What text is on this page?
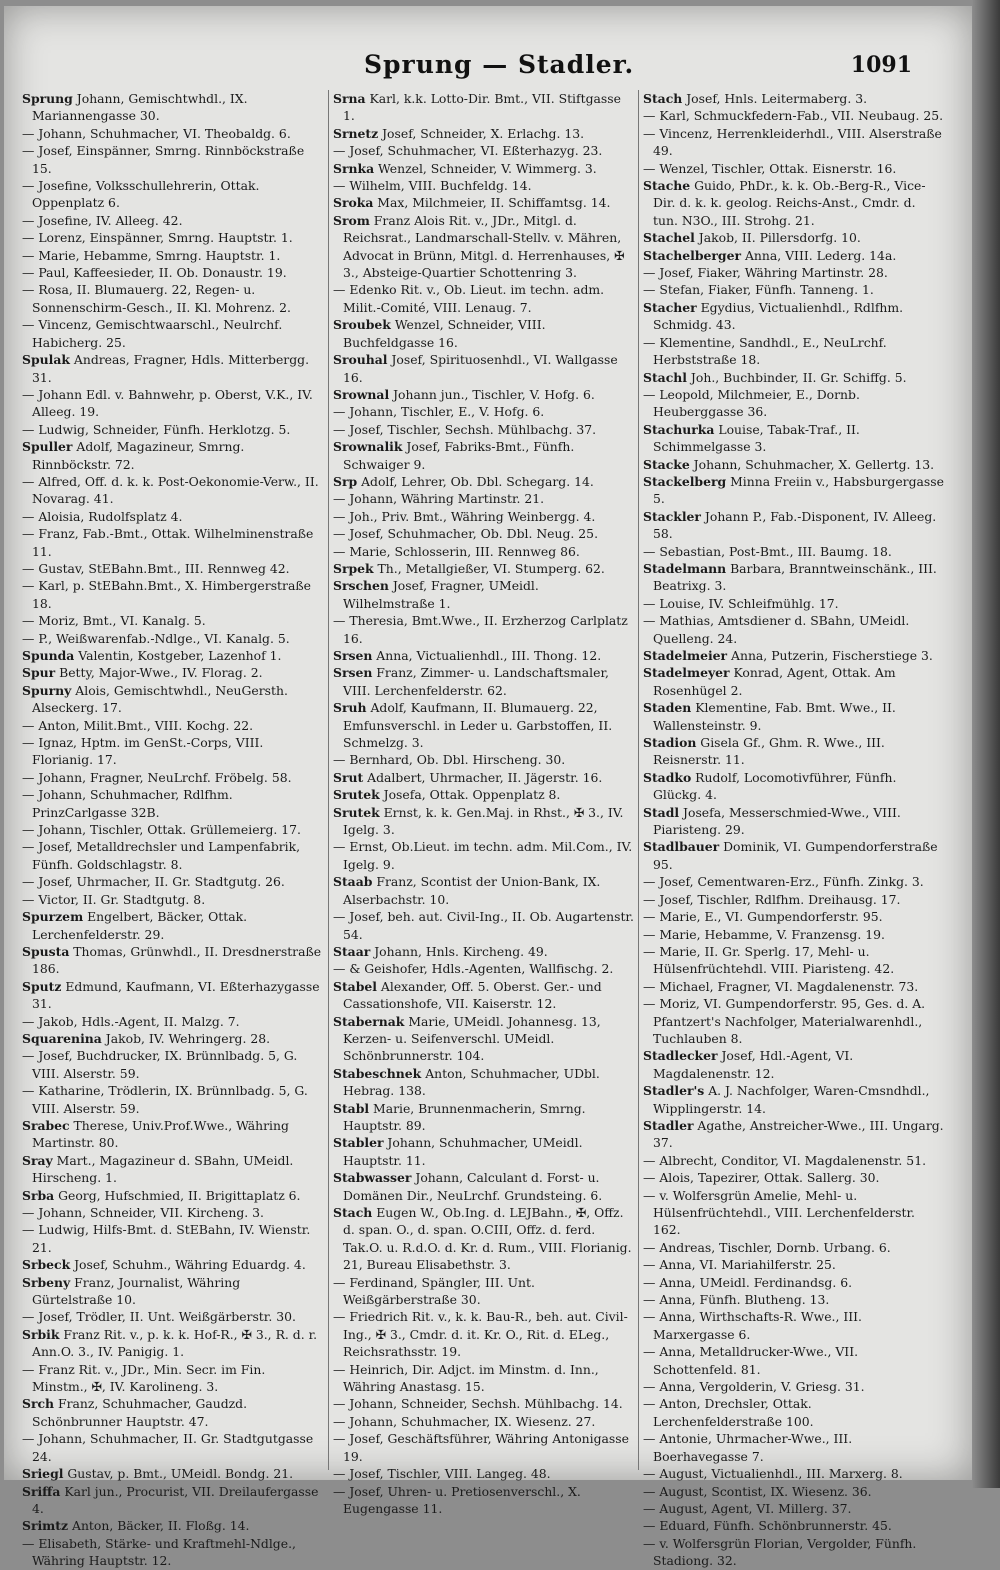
Sprung — Stadler.	1091

Sprung Johann, Gemischtwhdl., IX. Mariannengasse 30.

— Johann, Schuhmacher, VI. Theobaldg. 6.

— Josef, Einspänner, Smrng. Rinnböckstraße 15.

— Josefine, Volksschullehrerin, Ottak. Oppenplatz 6.

— Josefine, IV. Alleeg. 42.

— Lorenz, Einspänner, Smrng. Hauptstr. 1.

— Marie, Hebamme, Smrng. Hauptstr. 1.

— Paul, Kaffeesieder, II. Ob. Donaustr. 19.

— Rosa, II. Blumauerg. 22, Regen- u. Sonnenschirm-Gesch., II. Kl. Mohrenz. 2.

— Vincenz, Gemischtwaarschl., Neulrchf. Habicherg. 25.

Spulak Andreas, Fragner, Hdls. Mitterbergg. 31.

— Johann Edl. v. Bahnwehr, p. Oberst, V.K., IV. Alleeg. 19.

— Ludwig, Schneider, Fünfh. Herklotzg. 5.

Spuller Adolf, Magazineur, Smrng. Rinnböckstr. 72.

— Alfred, Off. d. k. k. Post-Oekonomie-Verw., II. Novarag. 41.

— Aloisia, Rudolfsplatz 4.

— Franz, Fab.-Bmt., Ottak. Wilhelminenstraße 11.

— Gustav, StEBahn.Bmt., III. Rennweg 42.

— Karl, p. StEBahn.Bmt., X. Himbergerstraße 18.

— Moriz, Bmt., VI. Kanalg. 5.

— P., Weißwarenfab.-Ndlge., VI. Kanalg. 5.

Spunda Valentin, Kostgeber, Lazenhof 1.

Spur Betty, Major-Wwe., IV. Florag. 2.

Spurny Alois, Gemischtwhdl., NeuGersth. Alseckerg. 17.

— Anton, Milit.Bmt., VIII. Kochg. 22.

— Ignaz, Hptm. im GenSt.-Corps, VIII. Florianig. 17.

— Johann, Fragner, NeuLrchf. Fröbelg. 58.

— Johann, Schuhmacher, Rdlfhm. PrinzCarlgasse 32B.

— Johann, Tischler, Ottak. Grüllemeierg. 17.

— Josef, Metalldrechsler und Lampenfabrik, Fünfh. Goldschlagstr. 8.

— Josef, Uhrmacher, II. Gr. Stadtgutg. 26.

— Victor, II. Gr. Stadtgutg. 8.

Spurzem Engelbert, Bäcker, Ottak. Lerchenfelderstr. 29.

Spusta Thomas, Grünwhdl., II. Dresdnerstraße 186.

Sputz Edmund, Kaufmann, VI. Eßterhazygasse 31.

— Jakob, Hdls.-Agent, II. Malzg. 7.

Squarenina Jakob, IV. Wehringerg. 28.

— Josef, Buchdrucker, IX. Brünnlbadg. 5, G. VIII. Alserstr. 59.

— Katharine, Trödlerin, IX. Brünnlbadg. 5, G. VIII. Alserstr. 59.

Srabec Therese, Univ.Prof.Wwe., Währing Martinstr. 80.

Sray Mart., Magazineur d. SBahn, UMeidl. Hirscheng. 1.

Srba Georg, Hufschmied, II. Brigittaplatz 6.

— Johann, Schneider, VII. Kircheng. 3.

— Ludwig, Hilfs-Bmt. d. StEBahn, IV. Wienstr. 21.

Srbeck Josef, Schuhm., Währing Eduardg. 4.

Srbeny Franz, Journalist, Währing Gürtelstraße 10.

— Josef, Trödler, II. Unt. Weißgärberstr. 30.

Srbik Franz Rit. v., p. k. k. Hof-R., ✠ 3., R. d. r. Ann.O. 3., IV. Panigig. 1.

— Franz Rit. v., JDr., Min. Secr. im Fin. Minstm., ✠, IV. Karolineng. 3.

Srch Franz, Schuhmacher, Gaudzd. Schönbrunner Hauptstr. 47.

— Johann, Schuhmacher, II. Gr. Stadtgutgasse 24.

Sriegl Gustav, p. Bmt., UMeidl. Bondg. 21.

Sriffa Karl jun., Procurist, VII. Dreilaufergasse 4.

Srimtz Anton, Bäcker, II. Floßg. 14.

— Elisabeth, Stärke- und Kraftmehl-Ndlge., Währing Hauptstr. 12.

Srna Karl, k.k. Lotto-Dir. Bmt., VII. Stiftgasse 1.

Srnetz Josef, Schneider, X. Erlachg. 13.

— Josef, Schuhmacher, VI. Eßterhazyg. 23.

Srnka Wenzel, Schneider, V. Wimmerg. 3.

— Wilhelm, VIII. Buchfeldg. 14.

Sroka Max, Milchmeier, II. Schiffamtsg. 14.

Srom Franz Alois Rit. v., JDr., Mitgl. d. Reichsrat., Landmarschall-Stellv. v. Mähren, Advocat in Brünn, Mitgl. d. Herrenhauses, ✠ 3., Absteige-Quartier Schottenring 3.

— Edenko Rit. v., Ob. Lieut. im techn. adm. Milit.-Comité, VIII. Lenaug. 7.

Sroubek Wenzel, Schneider, VIII. Buchfeldgasse 16.

Srouhal Josef, Spirituosenhdl., VI. Wallgasse 16.

Srownal Johann jun., Tischler, V. Hofg. 6.

— Johann, Tischler, E., V. Hofg. 6.

— Josef, Tischler, Sechsh. Mühlbachg. 37.

Srownalik Josef, Fabriks-Bmt., Fünfh. Schwaiger 9.

Srp Adolf, Lehrer, Ob. Dbl. Schegarg. 14.

— Johann, Währing Martinstr. 21.

— Joh., Priv. Bmt., Währing Weinbergg. 4.

— Josef, Schuhmacher, Ob. Dbl. Neug. 25.

— Marie, Schlosserin, III. Rennweg 86.

Srpek Th., Metallgießer, VI. Stumperg. 62.

Srschen Josef, Fragner, UMeidl. Wilhelmstraße 1.

— Theresia, Bmt.Wwe., II. Erzherzog Carlplatz 16.

Srsen Anna, Victualienhdl., III. Thong. 12.

Srsen Franz, Zimmer- u. Landschaftsmaler, VIII. Lerchenfelderstr. 62.

Sruh Adolf, Kaufmann, II. Blumauerg. 22, Emfunsverschl. in Leder u. Garbstoffen, II. Schmelzg. 3.

— Bernhard, Ob. Dbl. Hirscheng. 30.

Srut Adalbert, Uhrmacher, II. Jägerstr. 16.

Srutek Josefa, Ottak. Oppenplatz 8.

Srutek Ernst, k. k. Gen.Maj. in Rhst., ✠ 3., IV. Igelg. 3.

— Ernst, Ob.Lieut. im techn. adm. Mil.Com., IV. Igelg. 9.

Staab Franz, Scontist der Union-Bank, IX. Alserbachstr. 10.

— Josef, beh. aut. Civil-Ing., II. Ob. Augartenstr. 54.

Staar Johann, Hnls. Kircheng. 49.

— & Geishofer, Hdls.-Agenten, Wallfischg. 2.

Stabel Alexander, Off. 5. Oberst. Ger.- und Cassationshofe, VII. Kaiserstr. 12.

Stabernak Marie, UMeidl. Johannesg. 13, Kerzen- u. Seifenverschl. UMeidl. Schönbrunnerstr. 104.

Stabeschnek Anton, Schuhmacher, UDbl. Hebrag. 138.

Stabl Marie, Brunnenmacherin, Smrng. Hauptstr. 89.

Stabler Johann, Schuhmacher, UMeidl. Hauptstr. 11.

Stabwasser Johann, Calculant d. Forst- u. Domänen Dir., NeuLrchf. Grundsteing. 6.

Stach Eugen W., Ob.Ing. d. LEJBahn., ✠, Offz. d. span. O., d. span. O.CIII, Offz. d. ferd. Tak.O. u. R.d.O. d. Kr. d. Rum., VIII. Florianig. 21, Bureau Elisabethstr. 3.

— Ferdinand, Spängler, III. Unt. Weißgärberstraße 30.

— Friedrich Rit. v., k. k. Bau-R., beh. aut. Civil-Ing., ✠ 3., Cmdr. d. it. Kr. O., Rit. d. ELeg., Reichsrathsstr. 19.

— Heinrich, Dir. Adjct. im Minstm. d. Inn., Währing Anastasg. 15.

— Johann, Schneider, Sechsh. Mühlbachg. 14.

— Johann, Schuhmacher, IX. Wiesenz. 27.

— Josef, Geschäftsführer, Währing Antonigasse 19.

— Josef, Tischler, VIII. Langeg. 48.

— Josef, Uhren- u. Pretiosenverschl., X. Eugengasse 11.

Stach Josef, Hnls. Leitermaberg. 3.

— Karl, Schmuckfedern-Fab., VII. Neubaug. 25.

— Vincenz, Herrenkleiderhdl., VIII. Alserstraße 49.

— Wenzel, Tischler, Ottak. Eisnerstr. 16.

Stache Guido, PhDr., k. k. Ob.-Berg-R., Vice-Dir. d. k. k. geolog. Reichs-Anst., Cmdr. d. tun. N3O., III. Strohg. 21.

Stachel Jakob, II. Pillersdorfg. 10.

Stachelberger Anna, VIII. Lederg. 14a.

— Josef, Fiaker, Währing Martinstr. 28.

— Stefan, Fiaker, Fünfh. Tanneng. 1.

Stacher Egydius, Victualienhdl., Rdlfhm. Schmidg. 43.

— Klementine, Sandhdl., E., NeuLrchf. Herbststraße 18.

Stachl Joh., Buchbinder, II. Gr. Schiffg. 5.

— Leopold, Milchmeier, E., Dornb. Heuberggasse 36.

Stachurka Louise, Tabak-Traf., II. Schimmelgasse 3.

Stacke Johann, Schuhmacher, X. Gellertg. 13.

Stackelberg Minna Freiin v., Habsburgergasse 5.

Stackler Johann P., Fab.-Disponent, IV. Alleeg. 58.

— Sebastian, Post-Bmt., III. Baumg. 18.

Stadelmann Barbara, Branntweinschänk., III. Beatrixg. 3.

— Louise, IV. Schleifmühlg. 17.

— Mathias, Amtsdiener d. SBahn, UMeidl. Quelleng. 24.

Stadelmeier Anna, Putzerin, Fischerstiege 3.

Stadelmeyer Konrad, Agent, Ottak. Am Rosenhügel 2.

Staden Klementine, Fab. Bmt. Wwe., II. Wallensteinstr. 9.

Stadion Gisela Gf., Ghm. R. Wwe., III. Reisnerstr. 11.

Stadko Rudolf, Locomotivführer, Fünfh. Glückg. 4.

Stadl Josefa, Messerschmied-Wwe., VIII. Piaristeng. 29.

Stadlbauer Dominik, VI. Gumpendorferstraße 95.

— Josef, Cementwaren-Erz., Fünfh. Zinkg. 3.

— Josef, Tischler, Rdlfhm. Dreihausg. 17.

— Marie, E., VI. Gumpendorferstr. 95.

— Marie, Hebamme, V. Franzensg. 19.

— Marie, II. Gr. Sperlg. 17, Mehl- u. Hülsenfrüchtehdl. VIII. Piaristeng. 42.

— Michael, Fragner, VI. Magdalenenstr. 73.

— Moriz, VI. Gumpendorferstr. 95, Ges. d. A. Pfantzert's Nachfolger, Materialwarenhdl., Tuchlauben 8.

Stadlecker Josef, Hdl.-Agent, VI. Magdalenenstr. 12.

Stadler's A. J. Nachfolger, Waren-Cmsndhdl., Wipplingerstr. 14.

Stadler Agathe, Anstreicher-Wwe., III. Ungarg. 37.

— Albrecht, Conditor, VI. Magdalenenstr. 51.

— Alois, Tapezirer, Ottak. Sallerg. 30.

— v. Wolfersgrün Amelie, Mehl- u. Hülsenfrüchtehdl., VIII. Lerchenfelderstr. 162.

— Andreas, Tischler, Dornb. Urbang. 6.

— Anna, VI. Mariahilferstr. 25.

— Anna, UMeidl. Ferdinandsg. 6.

— Anna, Fünfh. Blutheng. 13.

— Anna, Wirthschafts-R. Wwe., III. Marxergasse 6.

— Anna, Metalldrucker-Wwe., VII. Schottenfeld. 81.

— Anna, Vergolderin, V. Griesg. 31.

— Anton, Drechsler, Ottak. Lerchenfelderstraße 100.

— Antonie, Uhrmacher-Wwe., III. Boerhavegasse 7.

— August, Victualienhdl., III. Marxerg. 8.

— August, Scontist, IX. Wiesenz. 36.

— August, Agent, VI. Millerg. 37.

— Eduard, Fünfh. Schönbrunnerstr. 45.

— v. Wolfersgrün Florian, Vergolder, Fünfh. Stadiong. 32.
